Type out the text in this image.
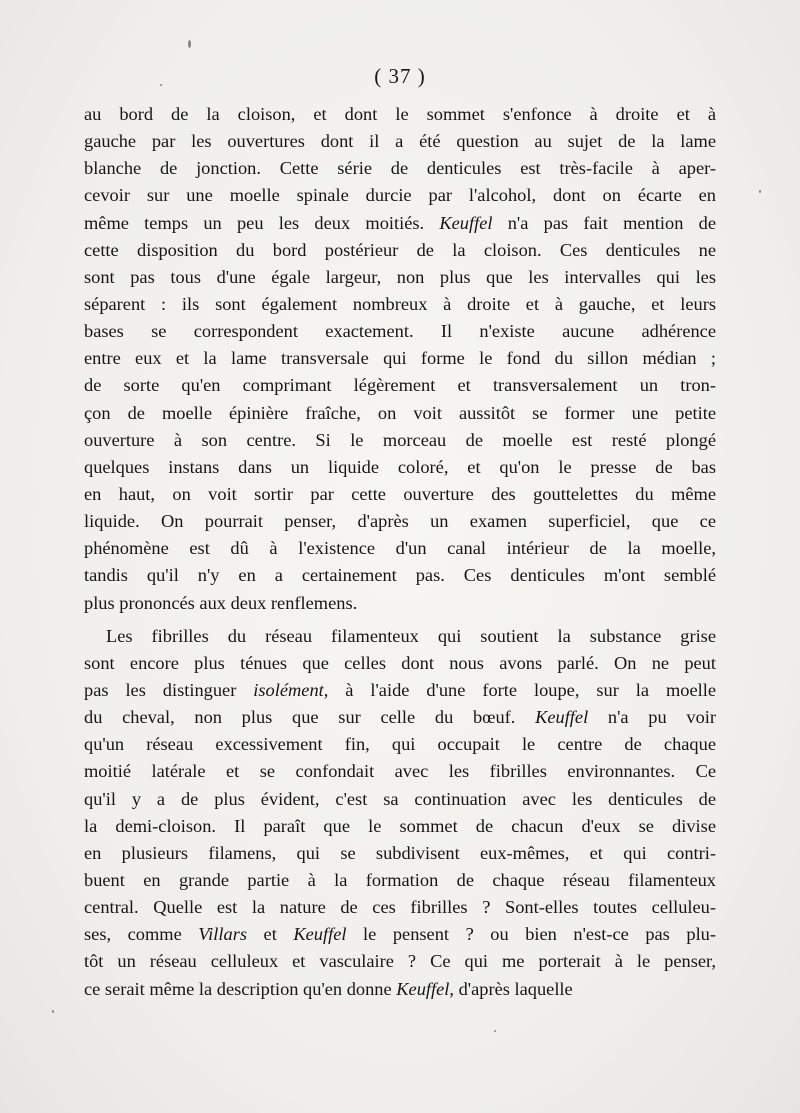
( 37 )
au bord de la cloison, et dont le sommet s'enfonce à droite et à
gauche par les ouvertures dont il a été question au sujet de la lame
blanche de jonction. Cette série de denticules est très-facile à aper-
cevoir sur une moelle spinale durcie par l'alcohol, dont on écarte en
même temps un peu les deux moitiés. Keuffel n'a pas fait mention de
cette disposition du bord postérieur de la cloison. Ces denticules ne
sont pas tous d'une égale largeur, non plus que les intervalles qui les
séparent : ils sont également nombreux à droite et à gauche, et leurs
bases se correspondent exactement. Il n'existe aucune adhérence
entre eux et la lame transversale qui forme le fond du sillon médian ;
de sorte qu'en comprimant légèrement et transversalement un tron-
çon de moelle épinière fraîche, on voit aussitôt se former une petite
ouverture à son centre. Si le morceau de moelle est resté plongé
quelques instans dans un liquide coloré, et qu'on le presse de bas
en haut, on voit sortir par cette ouverture des gouttelettes du même
liquide. On pourrait penser, d'après un examen superficiel, que ce
phénomène est dû à l'existence d'un canal intérieur de la moelle,
tandis qu'il n'y en a certainement pas. Ces denticules m'ont semblé
plus prononcés aux deux renflemens.
Les fibrilles du réseau filamenteux qui soutient la substance grise
sont encore plus ténues que celles dont nous avons parlé. On ne peut
pas les distinguer isolément, à l'aide d'une forte loupe, sur la moelle
du cheval, non plus que sur celle du bœuf. Keuffel n'a pu voir
qu'un réseau excessivement fin, qui occupait le centre de chaque
moitié latérale et se confondait avec les fibrilles environnantes. Ce
qu'il y a de plus évident, c'est sa continuation avec les denticules de
la demi-cloison. Il paraît que le sommet de chacun d'eux se divise
en plusieurs filamens, qui se subdivisent eux-mêmes, et qui contri-
buent en grande partie à la formation de chaque réseau filamenteux
central. Quelle est la nature de ces fibrilles ? Sont-elles toutes celluleu-
ses, comme Villars et Keuffel le pensent ? ou bien n'est-ce pas plu-
tôt un réseau celluleux et vasculaire ? Ce qui me porterait à le penser,
ce serait même la description qu'en donne Keuffel, d'après laquelle
